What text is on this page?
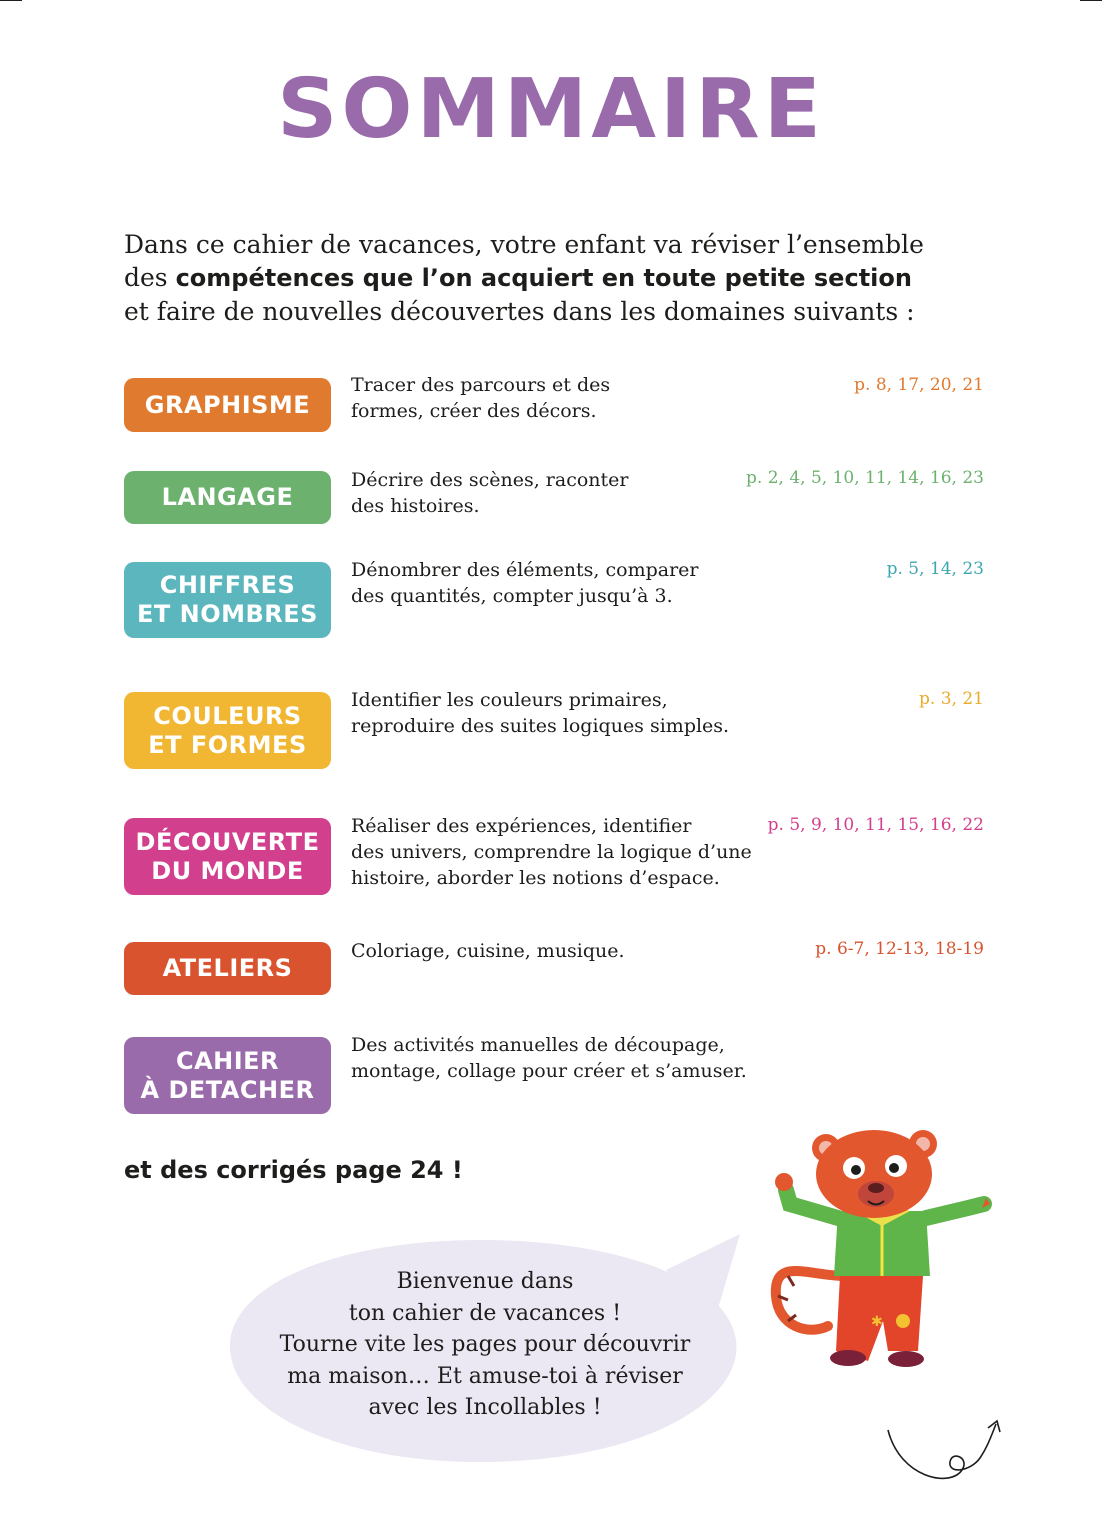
SOMMAIRE
Dans ce cahier de vacances, votre enfant va réviser l’ensemble
des compétences que l’on acquiert en toute petite section
et faire de nouvelles découvertes dans les domaines suivants :
GRAPHISME
Tracer des parcours et des
formes, créer des décors.
p. 8, 17, 20, 21
LANGAGE
Décrire des scènes, raconter
des histoires.
p. 2, 4, 5, 10, 11, 14, 16, 23
CHIFFRES
ET NOMBRES
Dénombrer des éléments, comparer
des quantités, compter jusqu’à 3.
p. 5, 14, 23
COULEURS
ET FORMES
Identifier les couleurs primaires,
reproduire des suites logiques simples.
p. 3, 21
DÉCOUVERTE
DU MONDE
Réaliser des expériences, identifier
des univers, comprendre la logique d’une
histoire, aborder les notions d’espace.
p. 5, 9, 10, 11, 15, 16, 22
ATELIERS
Coloriage, cuisine, musique.	p. 6-7, 12-13, 18-19
CAHIER
À DETACHER
Des activités manuelles de découpage,
montage, collage pour créer et s’amuser.
et des corrigés page 24 !
Bienvenue dans
ton cahier de vacances !
Tourne vite les pages pour découvrir
ma maison… Et amuse-toi à réviser
avec les Incollables !
✱
